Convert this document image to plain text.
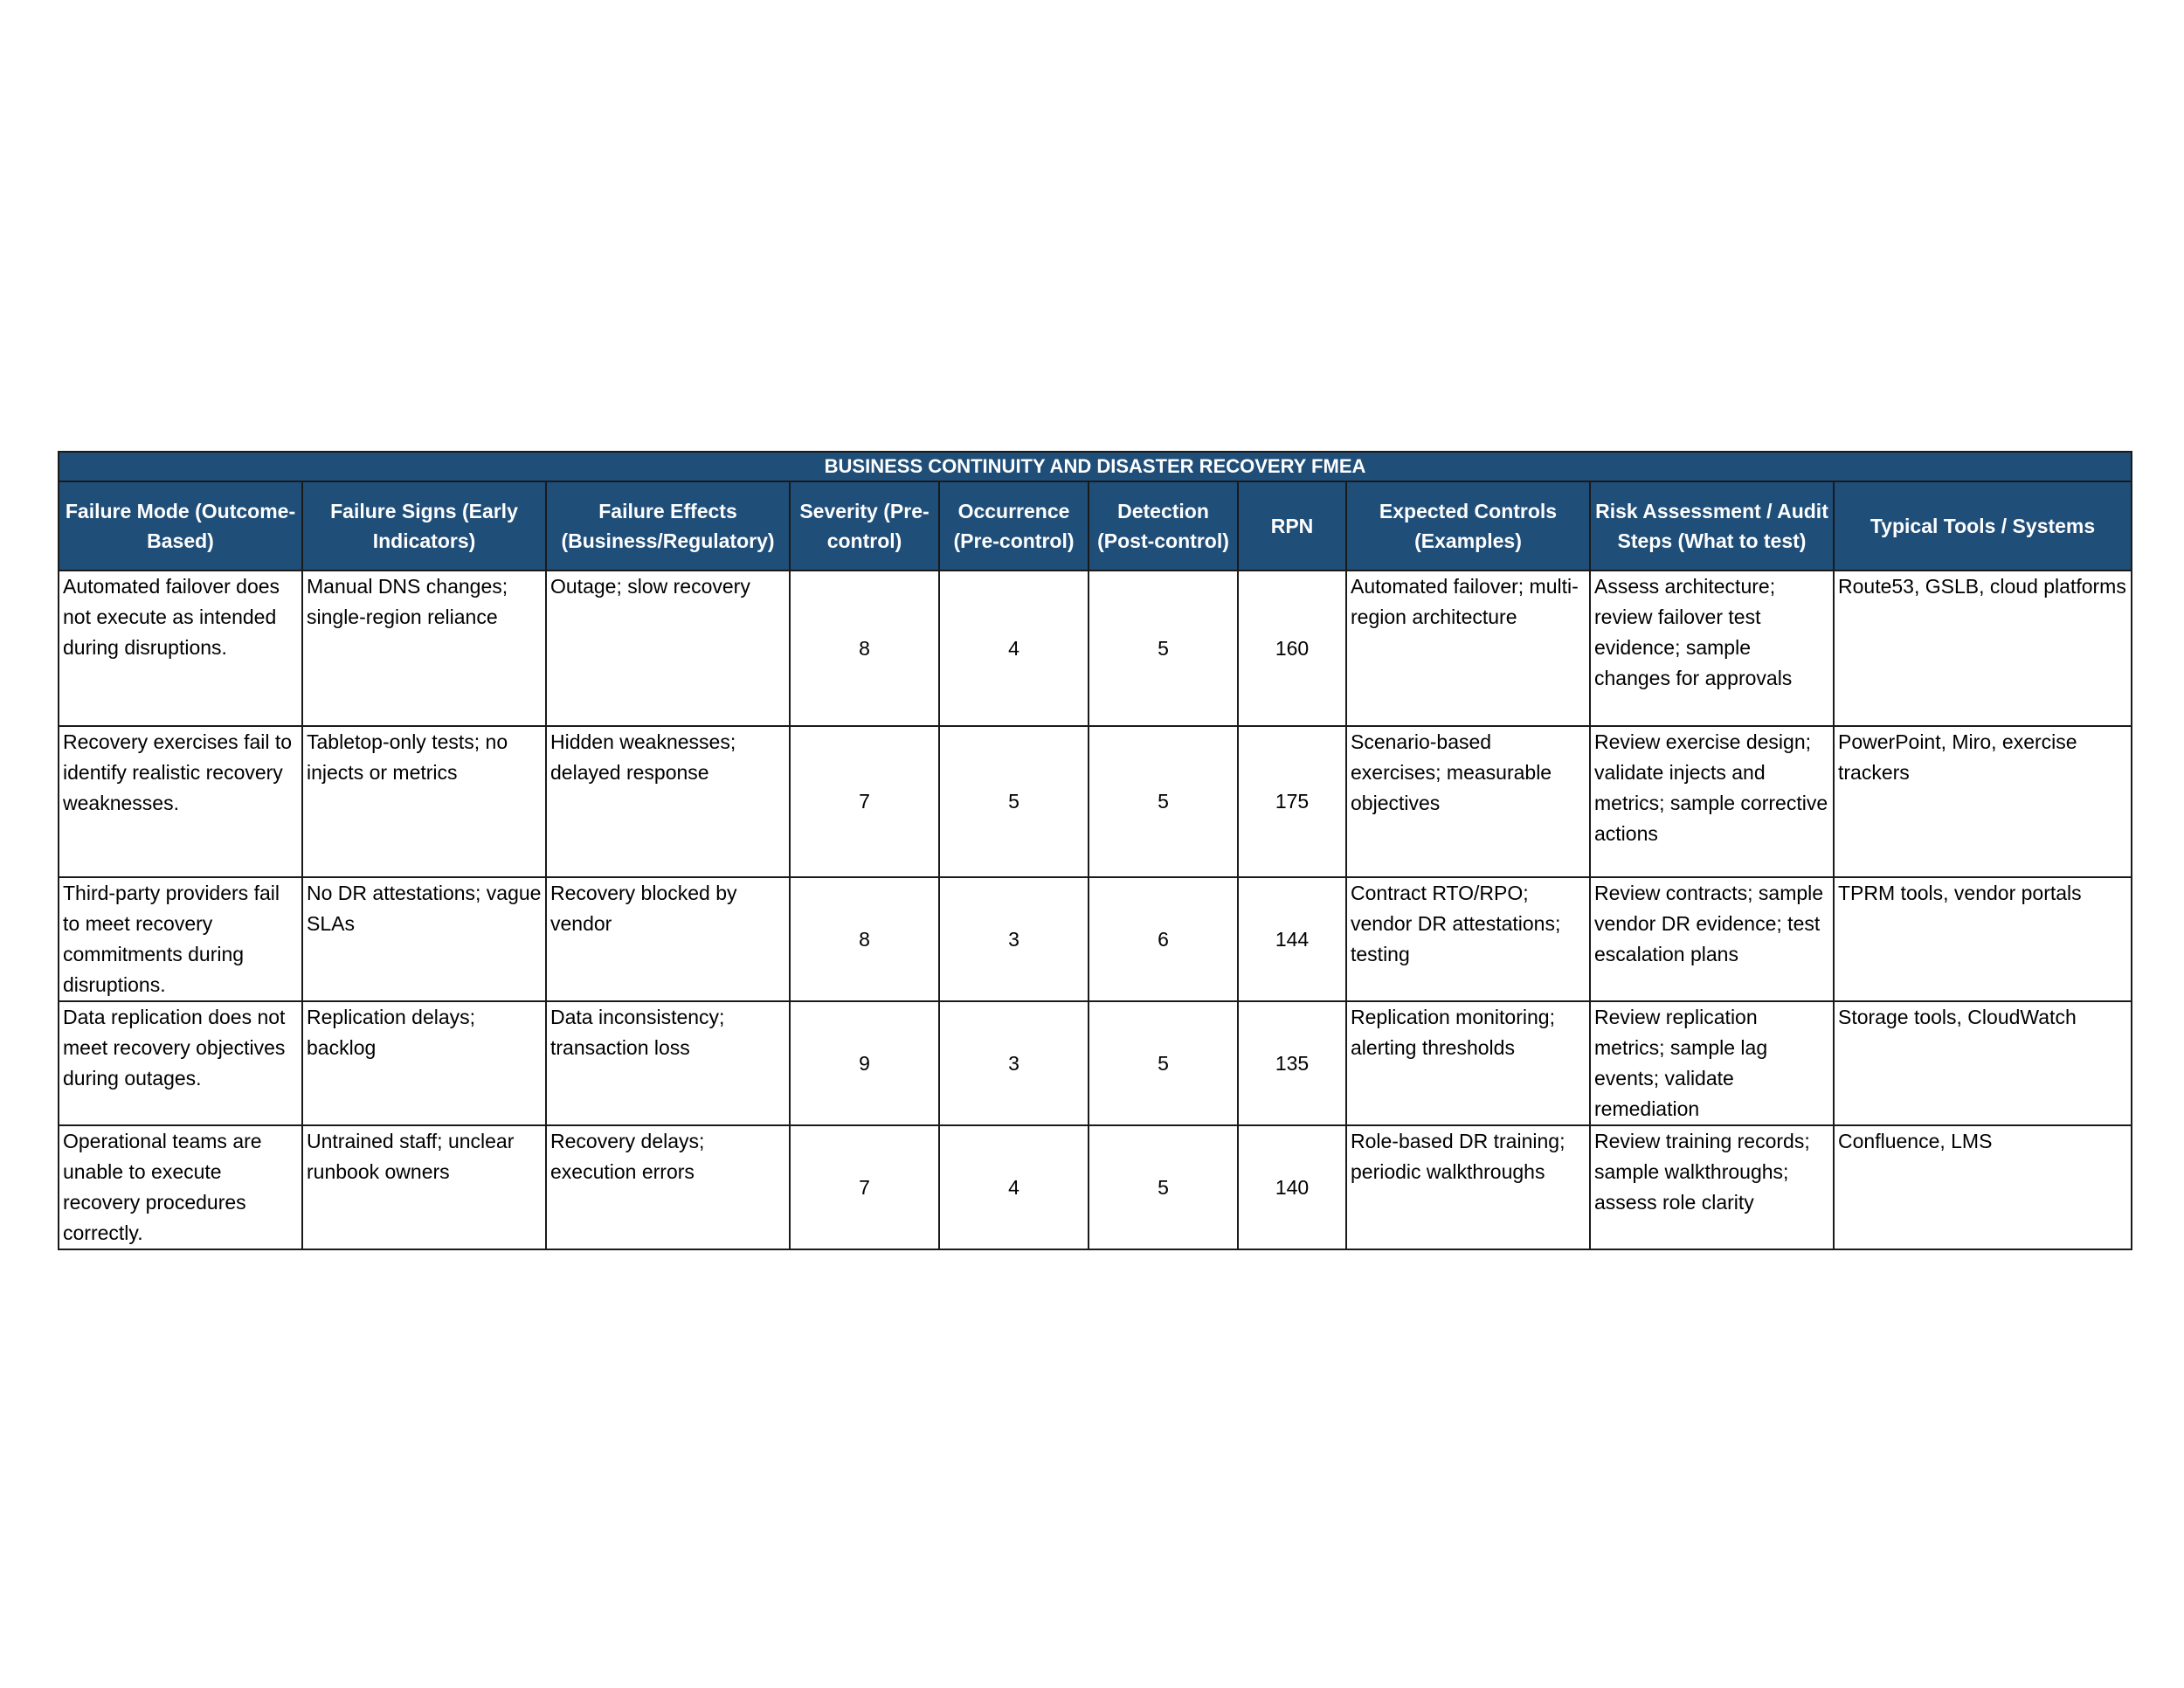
BUSINESS CONTINUITY AND DISASTER RECOVERY FMEA									
Failure Mode (Outcome-Based)	Failure Signs (Early Indicators)	Failure Effects (Business/Regulatory)	Severity (Pre-control)	Occurrence (Pre-control)	Detection (Post-control)	RPN	Expected Controls (Examples)	Risk Assessment / Audit Steps (What to test)	Typical Tools / Systems
Automated failover does not execute as intended during disruptions.	Manual DNS changes; single-region reliance	Outage; slow recovery	8	4	5	160	Automated failover; multi-region architecture	Assess architecture; review failover test evidence; sample changes for approvals	Route53, GSLB, cloud platforms
Recovery exercises fail to identify realistic recovery weaknesses.	Tabletop-only tests; no injects or metrics	Hidden weaknesses; delayed response	7	5	5	175	Scenario-based exercises; measurable objectives	Review exercise design; validate injects and metrics; sample corrective actions	PowerPoint, Miro, exercise trackers
Third-party providers fail to meet recovery commitments during disruptions.	No DR attestations; vague SLAs	Recovery blocked by vendor	8	3	6	144	Contract RTO/RPO; vendor DR attestations; testing	Review contracts; sample vendor DR evidence; test escalation plans	TPRM tools, vendor portals
Data replication does not meet recovery objectives during outages.	Replication delays; backlog	Data inconsistency; transaction loss	9	3	5	135	Replication monitoring; alerting thresholds	Review replication metrics; sample lag events; validate remediation	Storage tools, CloudWatch
Operational teams are unable to execute recovery procedures correctly.	Untrained staff; unclear runbook owners	Recovery delays; execution errors	7	4	5	140	Role-based DR training; periodic walkthroughs	Review training records; sample walkthroughs; assess role clarity	Confluence, LMS
